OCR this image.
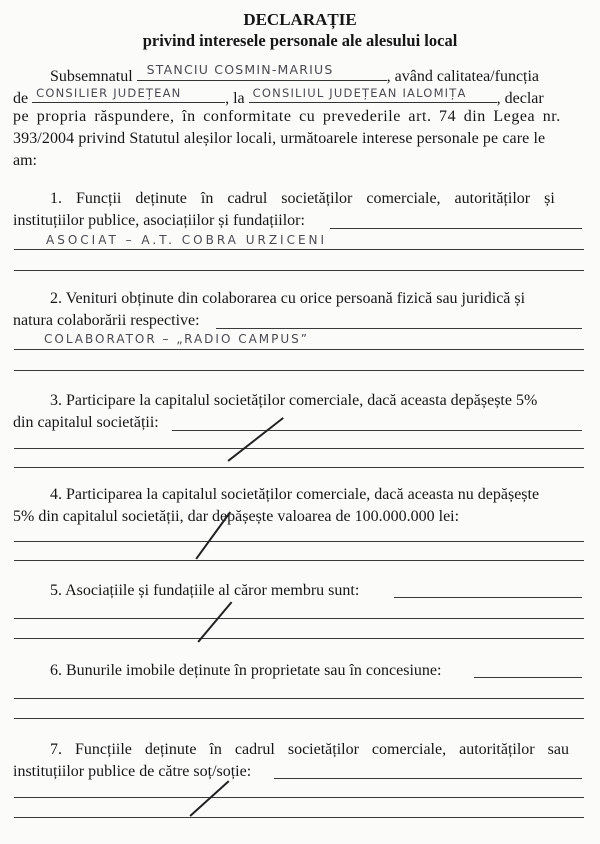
DECLARAȚIE
privind interesele personale ale alesului local
Subsemnatul STANCIU COSMIN-MARIUS	, având calitatea/funcția
de CONSILIER JUDEȚEAN	, la CONSILIUL JUDEȚEAN IALOMIȚA , declar
pe propria răspundere, în conformitate cu prevederile art. 74 din Legea nr.
393/2004 privind Statutul aleșilor locali, următoarele interese personale pe care le
am:
1. Funcții deținute în cadrul societăților comerciale, autorităților și
instituțiilor publice, asociațiilor și fundațiilor:
ASOCIAT – A.T. COBRA URZICENI
2. Venituri obținute din colaborarea cu orice persoană fizică sau juridică și
natura colaborării respective:
COLABORATOR – „RADIO CAMPUS”
3. Participare la capitalul societăților comerciale, dacă aceasta depășește 5%
din capitalul societății:
4. Participarea la capitalul societăților comerciale, dacă aceasta nu depășește
5% din capitalul societății, dar depășește valoarea de 100.000.000 lei:
5. Asociațiile și fundațiile al căror membru sunt:
6. Bunurile imobile deținute în proprietate sau în concesiune:
7. Funcțiile deținute în cadrul societăților comerciale, autorităților sau
instituțiilor publice de către soț/soție:
